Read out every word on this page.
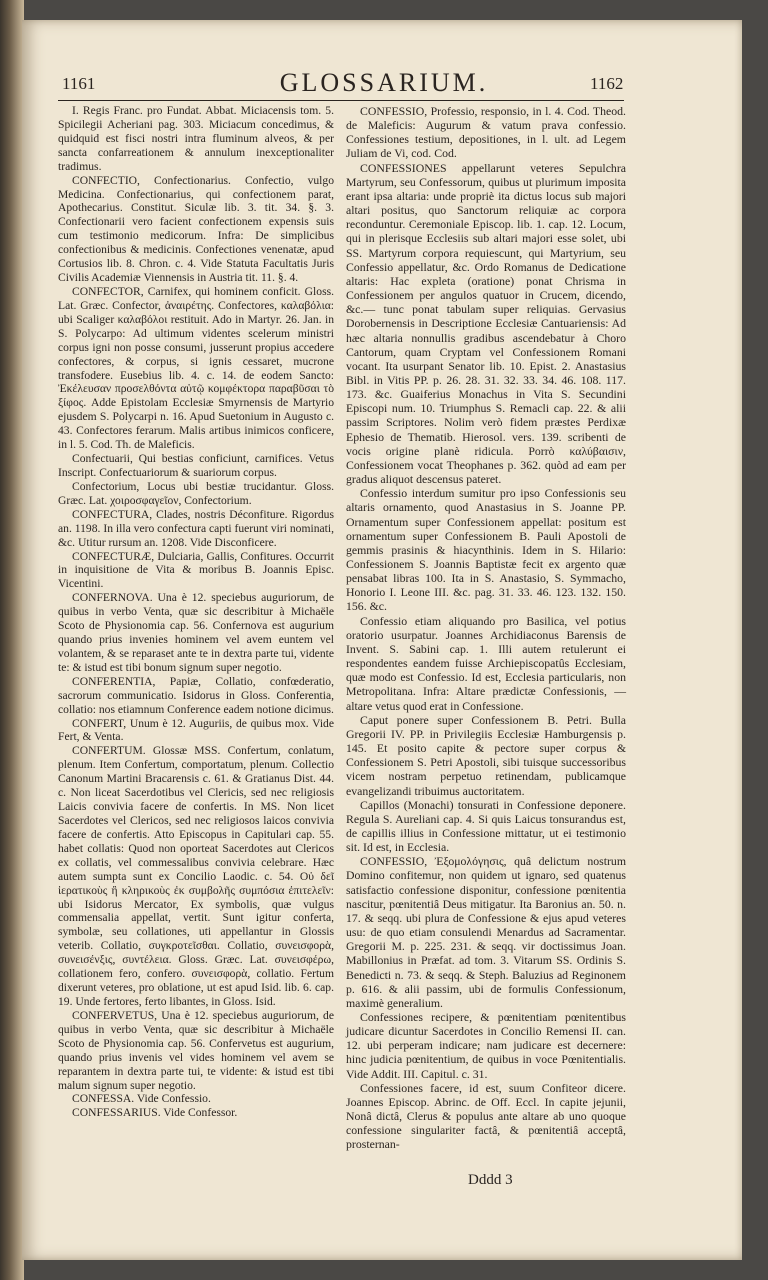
1161	GLOSSARIUM.	1162

I. Regis Franc. pro Fundat. Abbat. Miciacensis tom. 5. Spicilegii Acheriani pag. 303. Miciacum concedimus, & quidquid est fisci nostri intra fluminum alveos, & per sancta confarreationem & annulum inexceptionaliter tradimus.

CONFECTIO, Confectionarius. Confectio, vulgo Medicina. Confectionarius, qui confectionem parat, Apothecarius. Constitut. Siculæ lib. 3. tit. 34. §. 3. Confectionarii vero facient confectionem expensis suis cum testimonio medicorum. Infra: De simplicibus confectionibus & medicinis. Confectiones venenatæ, apud Cortusios lib. 8. Chron. c. 4. Vide Statuta Facultatis Juris Civilis Academiæ Viennensis in Austria tit. 11. §. 4.

CONFECTOR, Carnifex, qui hominem conficit. Gloss. Lat. Græc. Confector, ἀναιρέτης. Confectores, καλαβόλια: ubi Scaliger καλαβόλοι restituit. Ado in Martyr. 26. Jan. in S. Polycarpo: Ad ultimum videntes scelerum ministri corpus igni non posse consumi, jusserunt propius accedere confectores, & corpus, si ignis cessaret, mucrone transfodere. Eusebius lib. 4. c. 14. de eodem Sancto: Ἐκέλευσαν προσελθόντα αὐτῷ κομφέκτορα παραβῦσαι τὸ ξίφος. Adde Epistolam Ecclesiæ Smyrnensis de Martyrio ejusdem S. Polycarpi n. 16. Apud Suetonium in Augusto c. 43. Confectores ferarum. Malis artibus inimicos conficere, in l. 5. Cod. Th. de Maleficis.

Confectuarii, Qui bestias conficiunt, carnifices. Vetus Inscript. Confectuariorum & suariorum corpus.

Confectorium, Locus ubi bestiæ trucidantur. Gloss. Græc. Lat. χοιροσφαγεῖον, Confectorium.

CONFECTURA, Clades, nostris Déconfiture. Rigordus an. 1198. In illa vero confectura capti fuerunt viri nominati, &c. Utitur rursum an. 1208. Vide Disconficere.

CONFECTURÆ, Dulciaria, Gallis, Confitures. Occurrit in inquisitione de Vita & moribus B. Joannis Episc. Vicentini.

CONFERNOVA. Una è 12. speciebus auguriorum, de quibus in verbo Venta, quæ sic describitur à Michaële Scoto de Physionomia cap. 56. Confernova est augurium quando prius invenies hominem vel avem euntem vel volantem, & se reparaset ante te in dextra parte tui, vidente te: & istud est tibi bonum signum super negotio.

CONFERENTIA, Papiæ, Collatio, confœderatio, sacrorum communicatio. Isidorus in Gloss. Conferentia, collatio: nos etiamnum Conference eadem notione dicimus.

CONFERT, Unum è 12. Auguriis, de quibus mox. Vide Fert, & Venta.

CONFERTUM. Glossæ MSS. Confertum, conlatum, plenum. Item Confertum, comportatum, plenum. Collectio Canonum Martini Bracarensis c. 61. & Gratianus Dist. 44. c. Non liceat Sacerdotibus vel Clericis, sed nec religiosis Laicis convivia facere de confertis. In MS. Non licet Sacerdotes vel Clericos, sed nec religiosos laicos convivia facere de confertis. Atto Episcopus in Capitulari cap. 55. habet collatis: Quod non oporteat Sacerdotes aut Clericos ex collatis, vel commessalibus convivia celebrare. Hæc autem sumpta sunt ex Concilio Laodic. c. 54. Οὐ δεῖ ἱερατικοὺς ἢ κληρικοὺς ἐκ συμβολῆς συμπόσια ἐπιτελεῖν: ubi Isidorus Mercator, Ex symbolis, quæ vulgus commensalia appellat, vertit. Sunt igitur conferta, symbolæ, seu collationes, uti appellantur in Glossis veterib. Collatio, συγκροτεῖσθαι. Collatio, συνεισφορὰ, συνεισένξις, συντέλεια. Gloss. Græc. Lat. συνεισφέρω, collationem fero, confero. συνεισφορὰ, collatio. Fertum dixerunt veteres, pro oblatione, ut est apud Isid. lib. 6. cap. 19. Unde fertores, ferto libantes, in Gloss. Isid.

CONFERVETUS, Una è 12. speciebus auguriorum, de quibus in verbo Venta, quæ sic describitur à Michaële Scoto de Physionomia cap. 56. Confervetus est augurium, quando prius invenis vel vides hominem vel avem se reparantem in dextra parte tui, te vidente: & istud est tibi malum signum super negotio.

CONFESSA. Vide Confessio.

CONFESSARIUS. Vide Confessor.

CONFESSIO, Professio, responsio, in l. 4. Cod. Theod. de Maleficis: Augurum & vatum prava confessio. Confessiones testium, depositiones, in l. ult. ad Legem Juliam de Vi, cod. Cod.

CONFESSIONES appellarunt veteres Sepulchra Martyrum, seu Confessorum, quibus ut plurimum imposita erant ipsa altaria: unde propriè ita dictus locus sub majori altari positus, quo Sanctorum reliquiæ ac corpora reconduntur. Ceremoniale Episcop. lib. 1. cap. 12. Locum, qui in plerisque Ecclesiis sub altari majori esse solet, ubi SS. Martyrum corpora requiescunt, qui Martyrium, seu Confessio appellatur, &c. Ordo Romanus de Dedicatione altaris: Hac expleta (oratione) ponat Chrisma in Confessionem per angulos quatuor in Crucem, dicendo, &c.— tunc ponat tabulam super reliquias. Gervasius Dorobernensis in Descriptione Ecclesiæ Cantuariensis: Ad hæc altaria nonnullis gradibus ascendebatur à Choro Cantorum, quam Cryptam vel Confessionem Romani vocant. Ita usurpant Senator lib. 10. Epist. 2. Anastasius Bibl. in Vitis PP. p. 26. 28. 31. 32. 33. 34. 46. 108. 117. 173. &c. Guaiferius Monachus in Vita S. Secundini Episcopi num. 10. Triumphus S. Remacli cap. 22. & alii passim Scriptores. Nolim verò fidem præstes Perdixæ Ephesio de Thematib. Hierosol. vers. 139. scribenti de vocis origine planè ridicula. Porrò καλύβαισιν, Confessionem vocat Theophanes p. 362. quòd ad eam per gradus aliquot descensus pateret.

Confessio interdum sumitur pro ipso Confessionis seu altaris ornamento, quod Anastasius in S. Joanne PP. Ornamentum super Confessionem appellat: positum est ornamentum super Confessionem B. Pauli Apostoli de gemmis prasinis & hiacynthinis. Idem in S. Hilario: Confessionem S. Joannis Baptistæ fecit ex argento quæ pensabat libras 100. Ita in S. Anastasio, S. Symmacho, Honorio I. Leone III. &c. pag. 31. 33. 46. 123. 132. 150. 156. &c.

Confessio etiam aliquando pro Basilica, vel potius oratorio usurpatur. Joannes Archidiaconus Barensis de Invent. S. Sabini cap. 1. Illi autem retulerunt ei respondentes eandem fuisse Archiepiscopatûs Ecclesiam, quæ modo est Confessio. Id est, Ecclesia particularis, non Metropolitana. Infra: Altare prædictæ Confessionis, — altare vetus quod erat in Confessione.

Caput ponere super Confessionem B. Petri. Bulla Gregorii IV. PP. in Privilegiis Ecclesiæ Hamburgensis p. 145. Et posito capite & pectore super corpus & Confessionem S. Petri Apostoli, sibi tuisque successoribus vicem nostram perpetuo retinendam, publicamque evangelizandi tribuimus auctoritatem.

Capillos (Monachi) tonsurati in Confessione deponere. Regula S. Aureliani cap. 4. Si quis Laicus tonsurandus est, de capillis illius in Confessione mittatur, ut ei testimonio sit. Id est, in Ecclesia.

CONFESSIO, Ἐξομολόγησις, quâ delictum nostrum Domino confitemur, non quidem ut ignaro, sed quatenus satisfactio confessione disponitur, confessione pœnitentia nascitur, pœnitentiâ Deus mitigatur. Ita Baronius an. 50. n. 17. & seqq. ubi plura de Confessione & ejus apud veteres usu: de quo etiam consulendi Menardus ad Sacramentar. Gregorii M. p. 225. 231. & seqq. vir doctissimus Joan. Mabillonius in Præfat. ad tom. 3. Vitarum SS. Ordinis S. Benedicti n. 73. & seqq. & Steph. Baluzius ad Reginonem p. 616. & alii passim, ubi de formulis Confessionum, maximè generalium.

Confessiones recipere, & pœnitentiam pœnitentibus judicare dicuntur Sacerdotes in Concilio Remensi II. can. 12. ubi perperam indicare; nam judicare est decernere: hinc judicia pœnitentium, de quibus in voce Pœnitentialis. Vide Addit. III. Capitul. c. 31.

Confessiones facere, id est, suum Confiteor dicere. Joannes Episcop. Abrinc. de Off. Eccl. In capite jejunii, Nonâ dictâ, Clerus & populus ante altare ab uno quoque confessione singulariter factâ, & pœnitentiâ acceptâ, prosternan-

Dddd 3
